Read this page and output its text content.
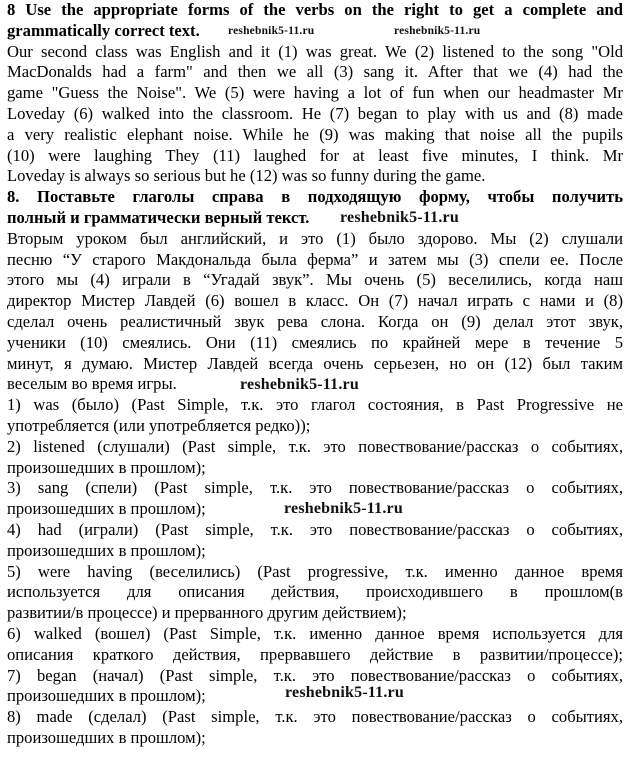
8 Use the appropriate forms of the verbs on the right to get a complete and
grammatically correct text.
Our second class was English and it (1) was great. We (2) listened to the song "Old
MacDonalds had a farm" and then we all (3) sang it. After that we (4) had the
game "Guess the Noise". We (5) were having a lot of fun when our headmaster Mr
Loveday (6) walked into the classroom. He (7) began to play with us and (8) made
a very realistic elephant noise. While he (9) was making that noise all the pupils
(10) were laughing They (11) laughed for at least five minutes, I think. Mr
Loveday is always so serious but he (12) was so funny during the game.
8. Поставьте глаголы справа в подходящую форму, чтобы получить
полный и грамматически верный текст.
Вторым уроком был английский, и это (1) было здорово. Мы (2) слушали
песню “У старого Макдональда была ферма” и затем мы (3) спели ее. После
этого мы (4) играли в “Угадай звук”. Мы очень (5) веселились, когда наш
директор Мистер Лавдей (6) вошел в класс. Он (7) начал играть с нами и (8)
сделал очень реалистичный звук рева слона. Когда он (9) делал этот звук,
ученики (10) смеялись. Они (11) смеялись по крайней мере в течение 5
минут, я думаю. Мистер Лавдей всегда очень серьезен, но он (12) был таким
веселым во время игры.
1) was (было) (Past Simple, т.к. это глагол состояния, в Past Progressive не
употребляется (или употребляется редко));
2) listened (слушали) (Past simple, т.к. это повествование/рассказ о событиях,
произошедших в прошлом);
3) sang (спели) (Past simple, т.к. это повествование/рассказ о событиях,
произошедших в прошлом);
4) had (играли) (Past simple, т.к. это повествование/рассказ о событиях,
произошедших в прошлом);
5) were having (веселились) (Past progressive, т.к. именно данное время
используется для описания действия, происходившего в прошлом(в
развитии/в процессе) и прерванного другим действием);
6) walked (вошел) (Past Simple, т.к. именно данное время используется для
описания краткого действия, прервавшего действие в развитии/процессе);
7) began (начал) (Past simple, т.к. это повествование/рассказ о событиях,
произошедших в прошлом);
8) made (сделал) (Past simple, т.к. это повествование/рассказ о событиях,
произошедших в прошлом);
reshebnik5-11.ru	reshebnik5-11.ru
reshebnik5-11.ru
reshebnik5-11.ru
reshebnik5-11.ru
reshebnik5-11.ru
